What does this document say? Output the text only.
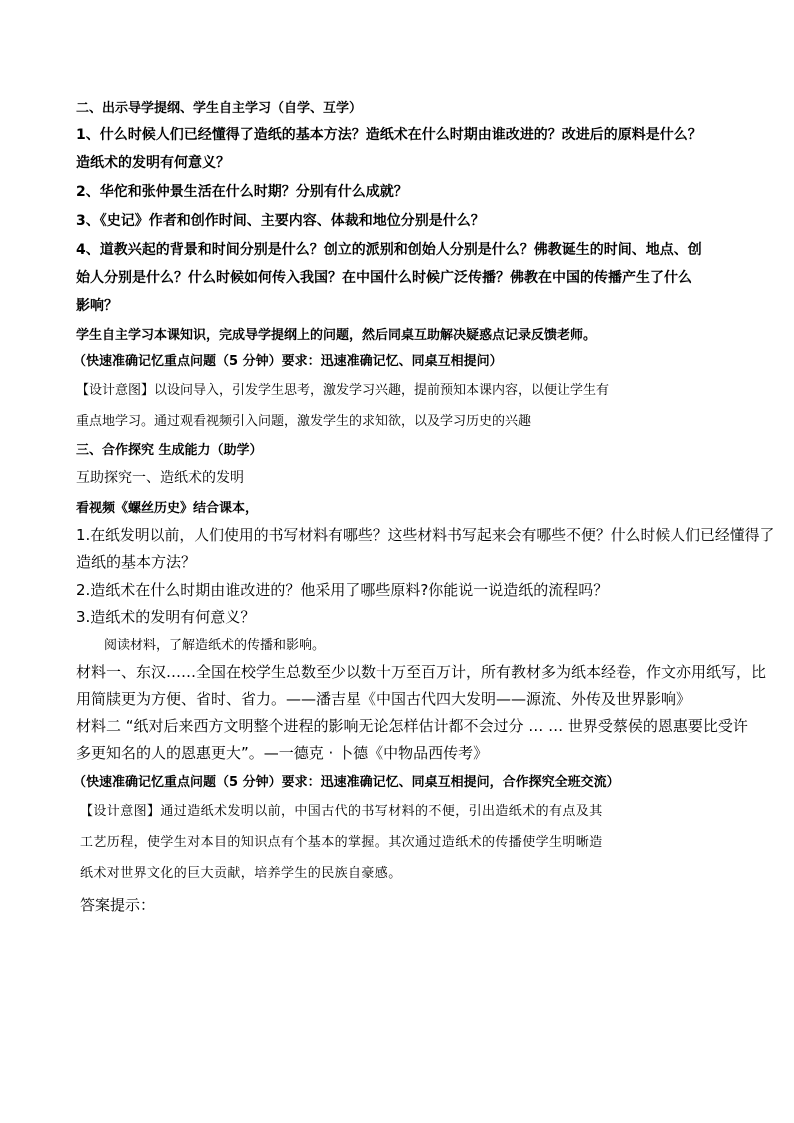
二、出示导学提纲、学生自主学习（自学、互学）

1、什么时候人们已经懂得了造纸的基本方法？造纸术在什么时期由谁改进的？改进后的原料是什么？

造纸术的发明有何意义？

2、华佗和张仲景生活在什么时期？分别有什么成就？

3、《史记》作者和创作时间、主要内容、体裁和地位分别是什么？

4、道教兴起的背景和时间分别是什么？创立的派别和创始人分别是什么？佛教诞生的时间、地点、创

始人分别是什么？什么时候如何传入我国？在中国什么时候广泛传播？佛教在中国的传播产生了什么

影响？

学生自主学习本课知识，完成导学提纲上的问题，然后同桌互助解决疑惑点记录反馈老师。

（快速准确记忆重点问题（5 分钟）要求：迅速准确记忆、同桌互相提问）

【设计意图】以设问导入，引发学生思考，激发学习兴趣，提前预知本课内容，以便让学生有

重点地学习。通过观看视频引入问题，激发学生的求知欲，以及学习历史的兴趣

三、合作探究 生成能力（助学）

互助探究一、造纸术的发明

看视频《螺丝历史》结合课本，

1.在纸发明以前，人们使用的书写材料有哪些？这些材料书写起来会有哪些不便？什么时候人们已经懂得了

造纸的基本方法？

2.造纸术在什么时期由谁改进的？他采用了哪些原料?你能说一说造纸的流程吗？

3.造纸术的发明有何意义？

阅读材料，了解造纸术的传播和影响。

材料一、东汉……全国在校学生总数至少以数十万至百万计，所有教材多为纸本经卷，作文亦用纸写，比

用简牍更为方便、省时、省力。——潘吉星《中国古代四大发明——源流、外传及世界影响》

材料二 “纸对后来西方文明整个进程的影响无论怎样估计都不会过分 … … 世界受蔡侯的恩惠要比受许

多更知名的人的恩惠更大”。—一德克 · 卜德《中物品西传考》

（快速准确记忆重点问题（5 分钟）要求：迅速准确记忆、同桌互相提问，合作探究全班交流）

【设计意图】通过造纸术发明以前，中国古代的书写材料的不便，引出造纸术的有点及其

工艺历程，使学生对本目的知识点有个基本的掌握。其次通过造纸术的传播使学生明晰造

纸术对世界文化的巨大贡献，培养学生的民族自豪感。

答案提示：
